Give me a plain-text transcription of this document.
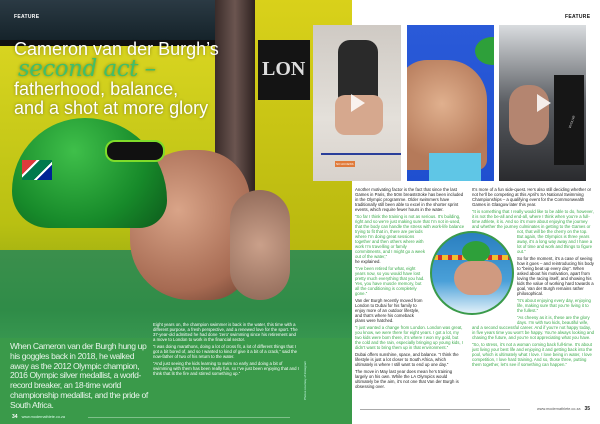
LON
FEATURE
Cameron van der Burgh’s
second act –
fatherhood, balance,
and a shot at more glory
When Cameron van der Burgh hung up his goggles back in 2018, he walked away as the 2012 Olympic champion, 2016 Olympic silver medallist, a world-record breaker, an 18-time world championship medallist, and the pride of South Africa.

Eight years on, the champion swimmer is back in the water, this time with a different purpose, a fresh perspective, and a renewed love for the sport. The 37-year-old admitted he had done ‘zero’ swimming since his retirement and a move to London to work in the financial sector.

“I was doing marathons, doing a lot of cross fit, a lot of different things that I got a bit bored of, and so I wanted to kind of give it a bit of a crack,” said the now-father of two of his return to the water.

“And just seeing the kids learning to swim so early and doing a bit of swimming with them has been really fun, so I’ve just been enjoying that and I think that lit the fire and stirred something up.”	Photos courtesy of Instagram
34 www.modernathlete.co.za
FEATURE
NO ACCESS
VIVOLIVE

Another motivating factor is the fact that since the last Games in Paris, the 50m breaststroke has been included in the Olympic programme. Older swimmers have traditionally still been able to excel in the shorter sprint events, which require fewer hours in the water.

“So far I think the training is not as serious. It’s building, right and so we’re just making sure that I’m not in-used, that the body can handle the stress with work-life balance trying to fit that in, there are periods where I’m doing great sessions together and then others where with work I’m travelling or family commitments, and I might go a week out of the water,”

he explained.

“I’ve been retired for what, eight years now, so you would have lost pretty much everything that you had. Yes, you have muscle memory, but all the conditioning is completely gone.”

Van der Burgh recently moved from London to Dubai for his family to enjoy more of an outdoor lifestyle, and that’s where his comeback plans were hatched.

“I just wanted a change from London. London was great, you know, we were there for eight years. I got a lot, my two kids were born there, it’s where I won my gold, but the cold and the rain, especially bringing up young kids, I didn’t want to bring them up in that environment.”

Dubai offers sunshine, space, and balance. “I think the lifestyle is just a lot closer to South Africa, which ultimately is where I still want to end up one day.”

The move in May last year does mean he’s training largely on his own. While the LA Olympics would ultimately be the aim, it’s not one that Van der Burgh is obsessing over.

It’s more of a fun side-quest. He’s also still deciding whether or not he’ll be competing at this April’s SA National Swimming Championships – a qualifying event for the Commonwealth Games in Glasgow later this year.

“It is something that I really would like to be able to do, however, it is not the be-all and end-all, where I think when you’re a full-time athlete, it is. And so it’s more about enjoying the journey and whether the journey culminates in getting to the Games or not, that will be the cherry on the top. But again, the Olympics is three years away, it’s a long way away and I have a lot of time and work and things to figure out.”

So for the moment, it’s a case of seeing how it goes – and reintroducing his body to “being beat up every day”. When asked about his motivation, apart from loving the racing itself, and showing his kids the value of working hard towards a goal, Van der Burgh remains rather philosophical.

“It’s about enjoying every day, enjoying life, making sure that you’re living it to the fullest.”

“As cheesy as it is, these are the glory days. I’m with two kids, beautiful wife, and a second successful career. And if you’re not happy today, in five years time you won’t be happy. You’re always looking and chasing the future, and you’re not appreciating what you have.

“So, to stress, it’s not a woman coming back full-time. It’s about just living your best life and enjoying it and getting back into the pool, which is ultimately what I love. I love being in water, I love competition, I love hard training. And so, those three, putting them together, let’s see if something can happen.”

www.modernathlete.co.za 35
